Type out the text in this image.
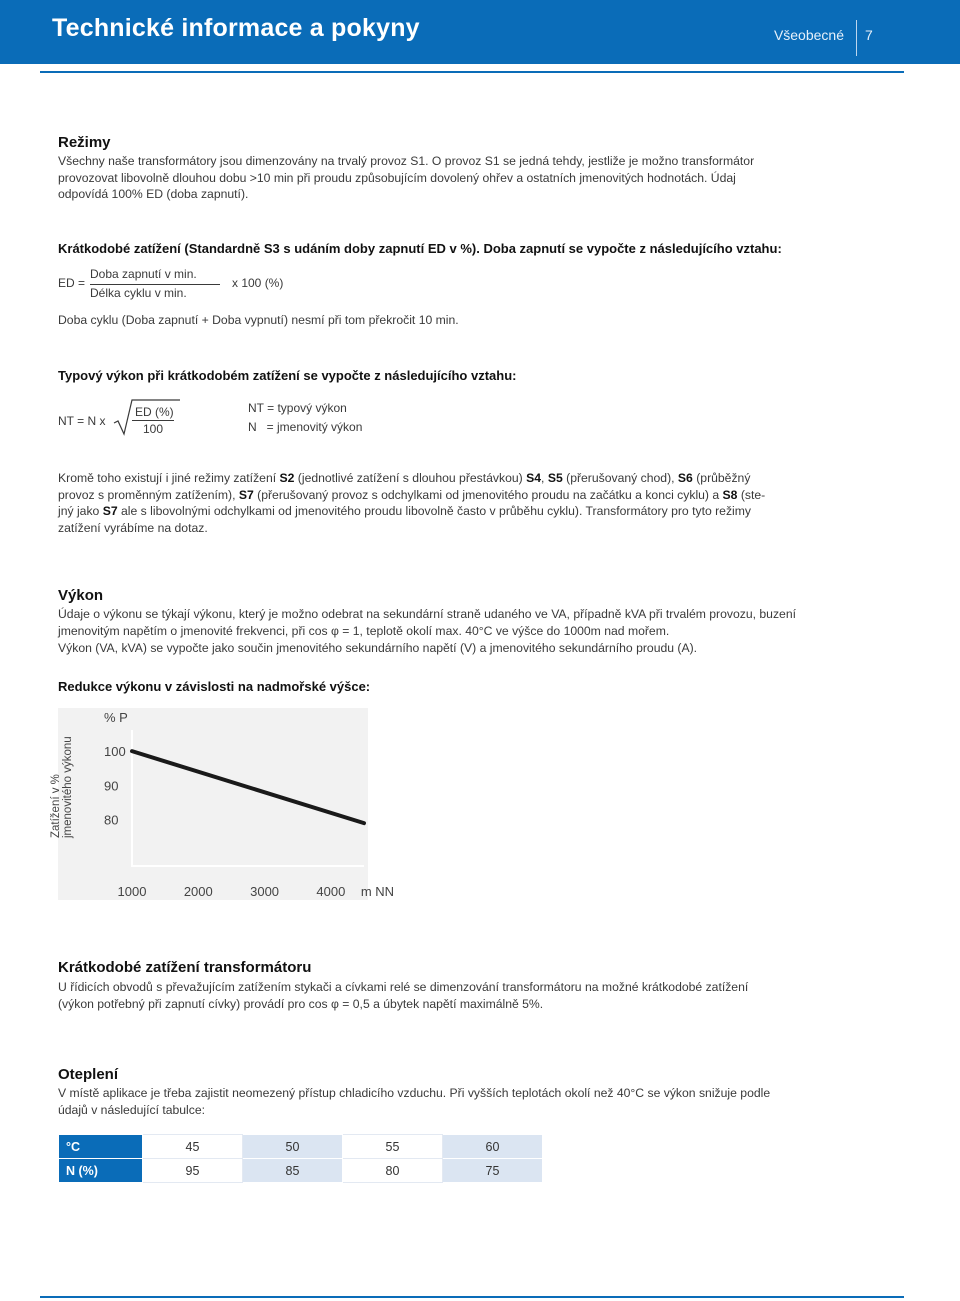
Technické informace a pokyny	Všeobecné 7
Režimy
Všechny naše transformátory jsou dimenzovány na trvalý provoz S1. O provoz S1 se jedná tehdy, jestliže je možno transformátor
provozovat libovolně dlouhou dobu >10 min při proudu způsobujícím dovolený ohřev a ostatních jmenovitých hodnotách. Údaj
odpovídá 100% ED (doba zapnutí).
Krátkodobé zatížení (Standardně S3 s udáním doby zapnutí ED v %). Doba zapnutí se vypočte z následujícího vztahu:
ED =
Doba zapnutí v min.
Délka cyklu v min.
x 100 (%)
Doba cyklu (Doba zapnutí + Doba vypnutí) nesmí při tom překročit 10 min.
Typový výkon při krátkodobém zatížení se vypočte z následujícího vztahu:
NT = N x
ED (%)
100
NT = typový výkon
N   = jmenovitý výkon
Kromě toho existují i jiné režimy zatížení S2 (jednotlivé zatížení s dlouhou přestávkou) S4, S5 (přerušovaný chod), S6 (průběžný
provoz s proměnným zatížením), S7 (přerušovaný provoz s odchylkami od jmenovitého proudu na začátku a konci cyklu) a S8 (ste-
jný jako S7 ale s libovolnými odchylkami od jmenovitého proudu libovolně často v průběhu cyklu). Transformátory pro tyto režimy
zatížení vyrábíme na dotaz.
Výkon
Údaje o výkonu se týkají výkonu, který je možno odebrat na sekundární straně udaného ve VA, případně kVA při trvalém provozu, buzení
jmenovitým napětím o jmenovité frekvenci, při cos φ = 1, teplotě okolí max. 40°C ve výšce do 1000m nad mořem.
Výkon (VA, kVA) se vypočte jako součin jmenovitého sekundárního napětí (V) a jmenovitého sekundárního proudu (A).
Redukce výkonu v závislosti na nadmořské výšce:
Zatížení v % jmenovitého výkonu
% P
100
90
80
1000	2000	3000	4000 m NN
Krátkodobé zatížení transformátoru
U řídicích obvodů s převažujícím zatížením stykači a cívkami relé se dimenzování transformátoru na možné krátkodobé zatížení
(výkon potřebný při zapnutí cívky) provádí pro cos φ = 0,5 a úbytek napětí maximálně 5%.
Oteplení
V místě aplikace je třeba zajistit neomezený přístup chladicího vzduchu. Při vyšších teplotách okolí než 40°C se výkon snižuje podle
údajů v následující tabulce:
°C	45	50	55	60
N (%)	95	85	80	75
